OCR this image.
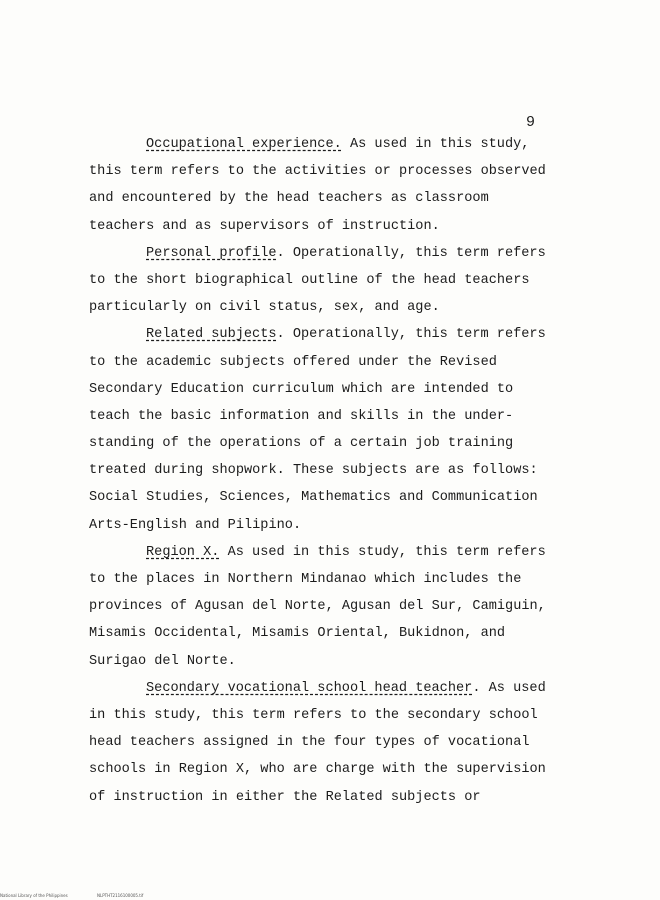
9
Occupational experience. As used in this study,
this term refers to the activities or processes observed
and encountered by the head teachers as classroom
teachers and as supervisors of instruction.
Personal profile. Operationally, this term refers
to the short biographical outline of the head teachers
particularly on civil status, sex, and age.
Related subjects. Operationally, this term refers
to the academic subjects offered under the Revised
Secondary Education curriculum which are intended to
teach the basic information and skills in the under-
standing of the operations of a certain job training
treated during shopwork. These subjects are as follows:
Social Studies, Sciences, Mathematics and Communication
Arts-English and Pilipino.
Region X. As used in this study, this term refers
to the places in Northern Mindanao which includes the
provinces of Agusan del Norte, Agusan del Sur, Camiguin,
Misamis Occidental, Misamis Oriental, Bukidnon, and
Surigao del Norte.
Secondary vocational school head teacher. As used
in this study, this term refers to the secondary school
head teachers assigned in the four types of vocational
schools in Region X, who are charge with the supervision
of instruction in either the Related subjects or
National Library of the Philippines	NLPTHT2116100005.tif
